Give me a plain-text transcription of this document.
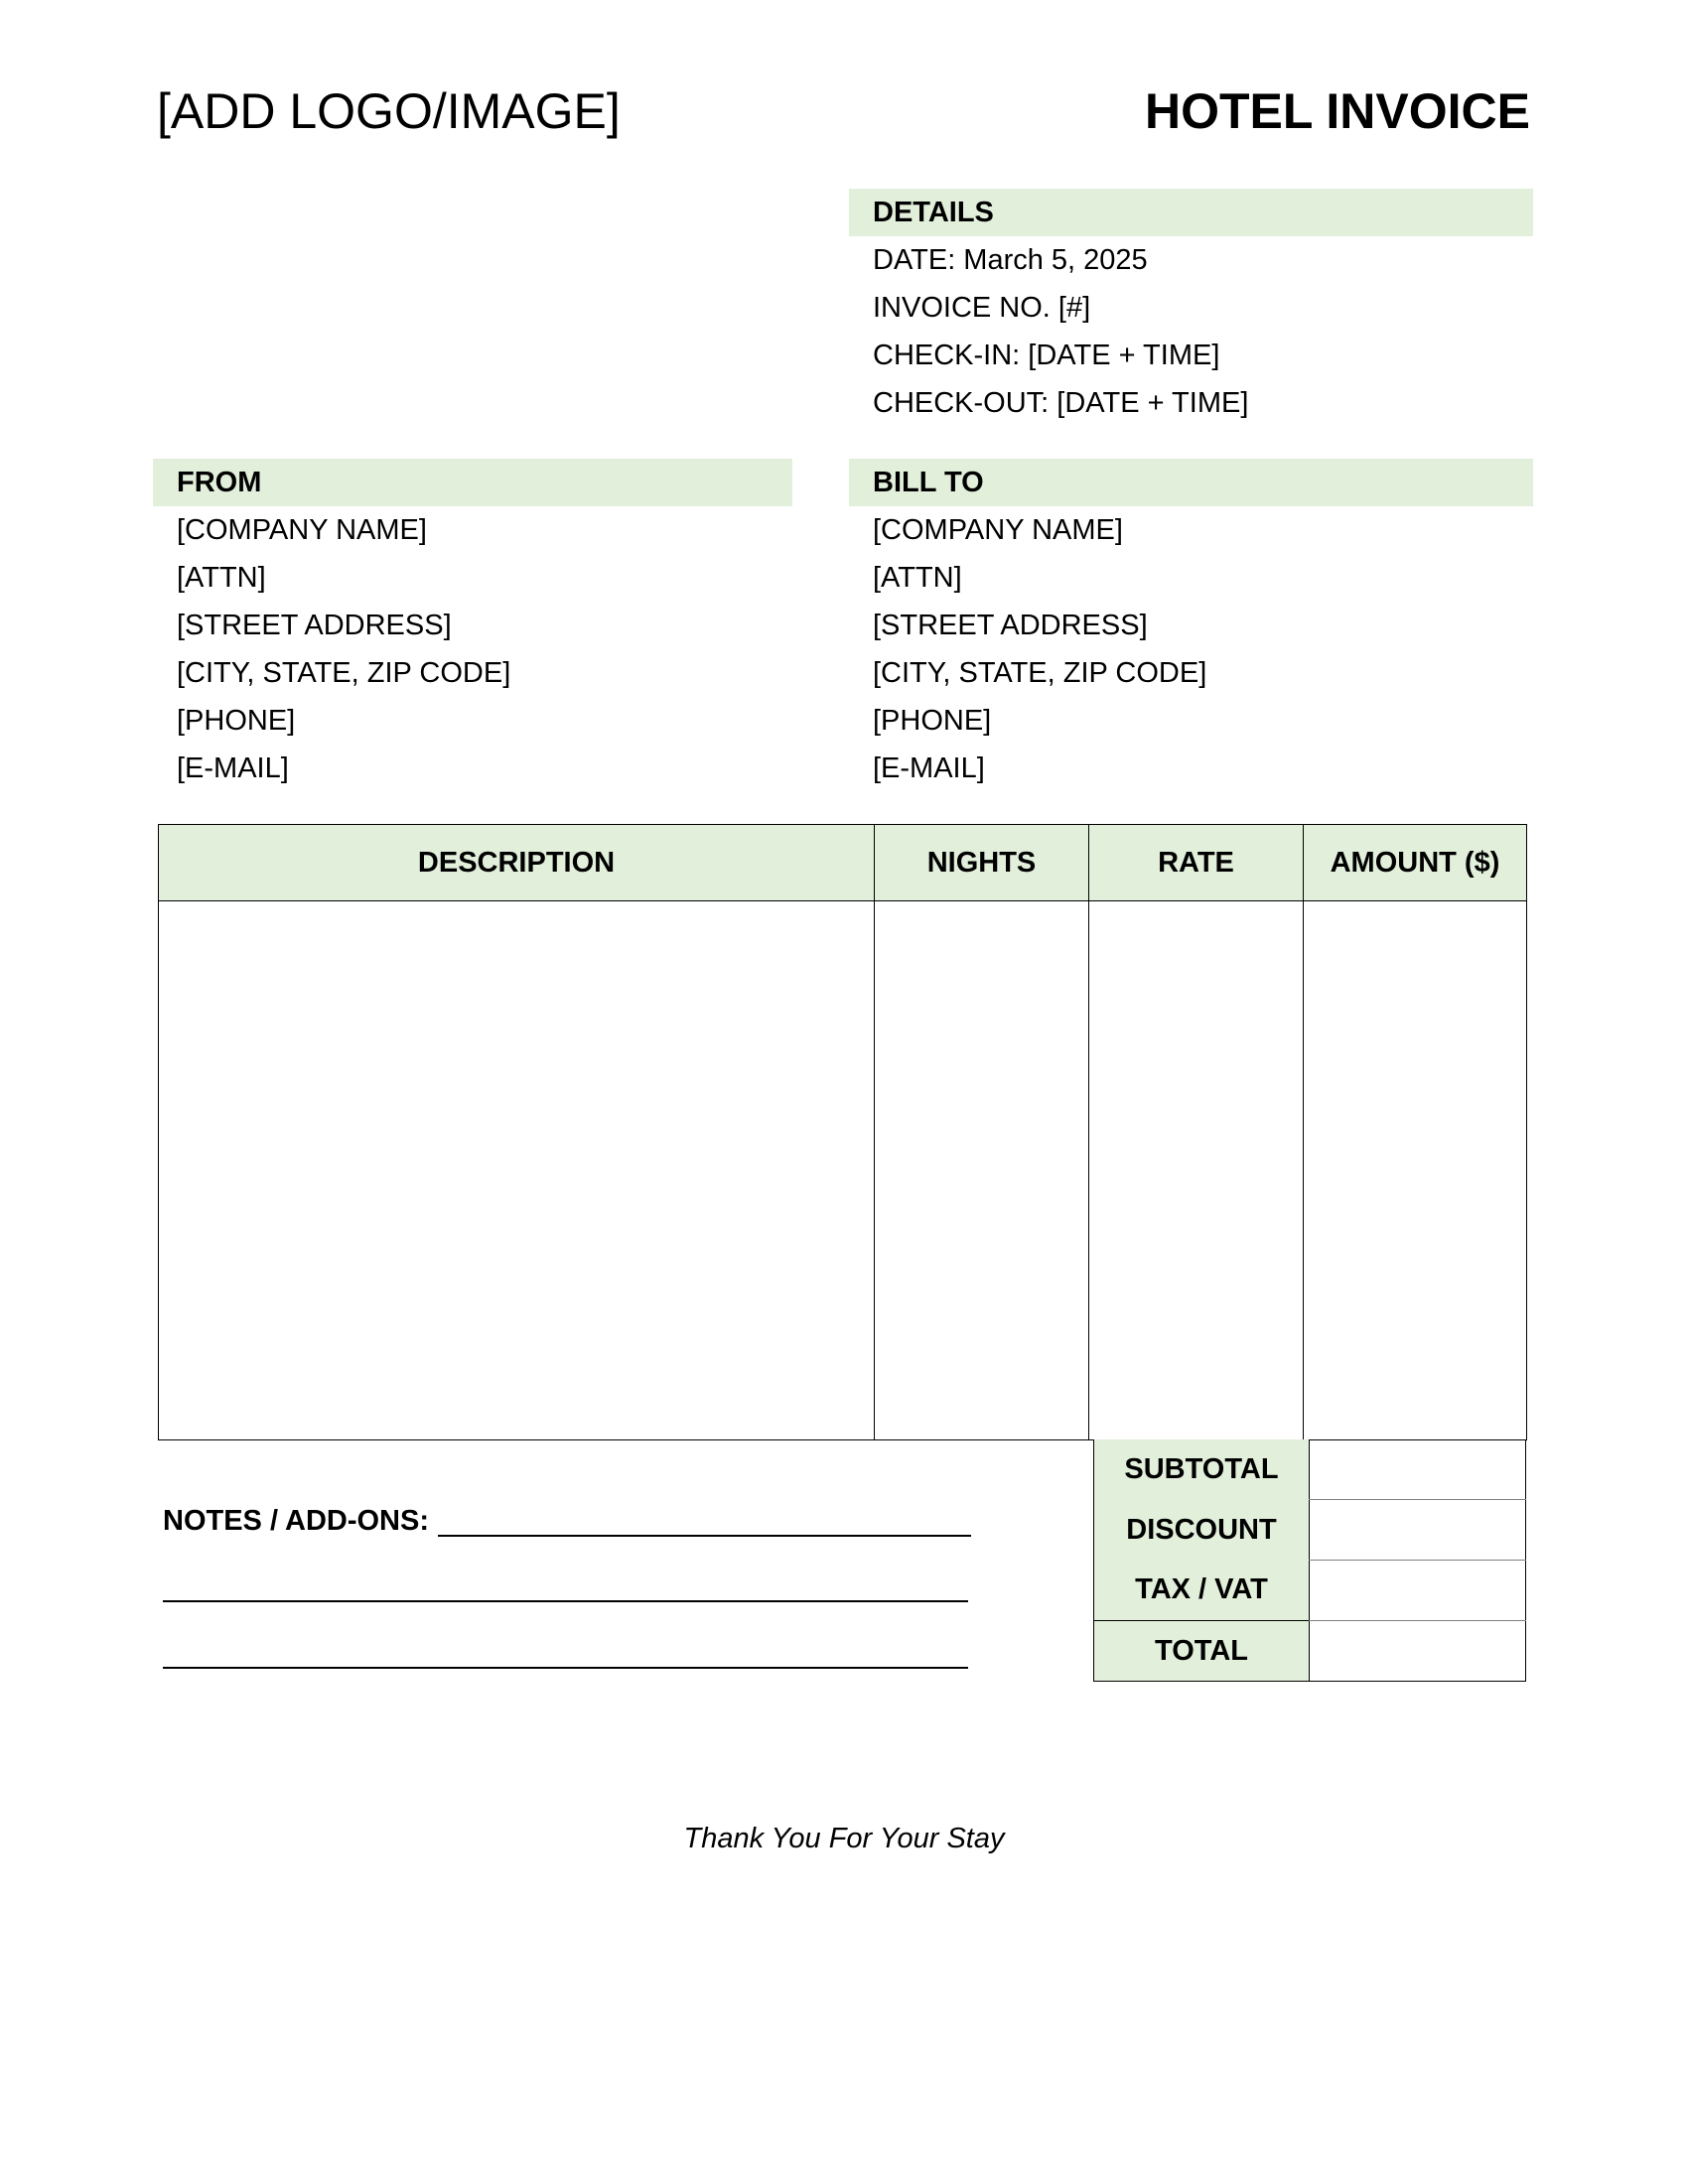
[ADD LOGO/IMAGE]	HOTEL INVOICE
DETAILS
DATE: March 5, 2025
INVOICE NO. [#]
CHECK-IN: [DATE + TIME]
CHECK-OUT: [DATE + TIME]
FROM
[COMPANY NAME]
[ATTN]
[STREET ADDRESS]
[CITY, STATE, ZIP CODE]
[PHONE]
[E-MAIL]
BILL TO
[COMPANY NAME]
[ATTN]
[STREET ADDRESS]
[CITY, STATE, ZIP CODE]
[PHONE]
[E-MAIL]
DESCRIPTION	NIGHTS	RATE	AMOUNT ($)

SUBTOTAL	
DISCOUNT	
TAX / VAT	
TOTAL	
NOTES / ADD-ONS:
Thank You For Your Stay
